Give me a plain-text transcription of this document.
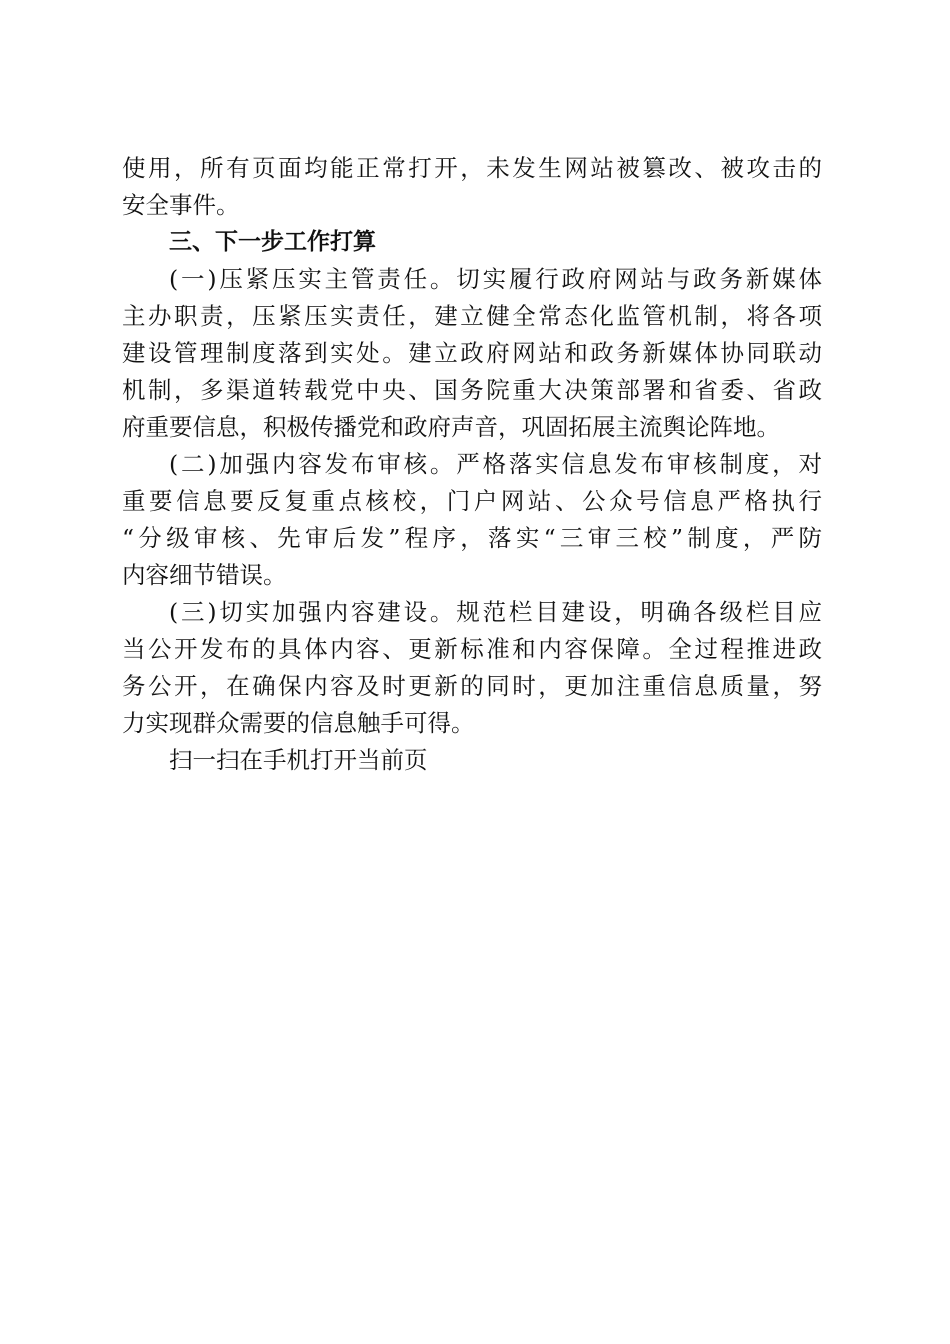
使用，所有页面均能正常打开，未发生网站被篡改、被攻击的
安全事件。
三、下一步工作打算
(一)压紧压实主管责任。切实履行政府网站与政务新媒体
主办职责，压紧压实责任，建立健全常态化监管机制，将各项
建设管理制度落到实处。建立政府网站和政务新媒体协同联动
机制，多渠道转载党中央、国务院重大决策部署和省委、省政
府重要信息，积极传播党和政府声音，巩固拓展主流舆论阵地。
(二)加强内容发布审核。严格落实信息发布审核制度，对
重要信息要反复重点核校，门户网站、公众号信息严格执行
“分级审核、先审后发”程序，落实“三审三校”制度，严防
内容细节错误。
(三)切实加强内容建设。规范栏目建设，明确各级栏目应
当公开发布的具体内容、更新标准和内容保障。全过程推进政
务公开，在确保内容及时更新的同时，更加注重信息质量，努
力实现群众需要的信息触手可得。
扫一扫在手机打开当前页
